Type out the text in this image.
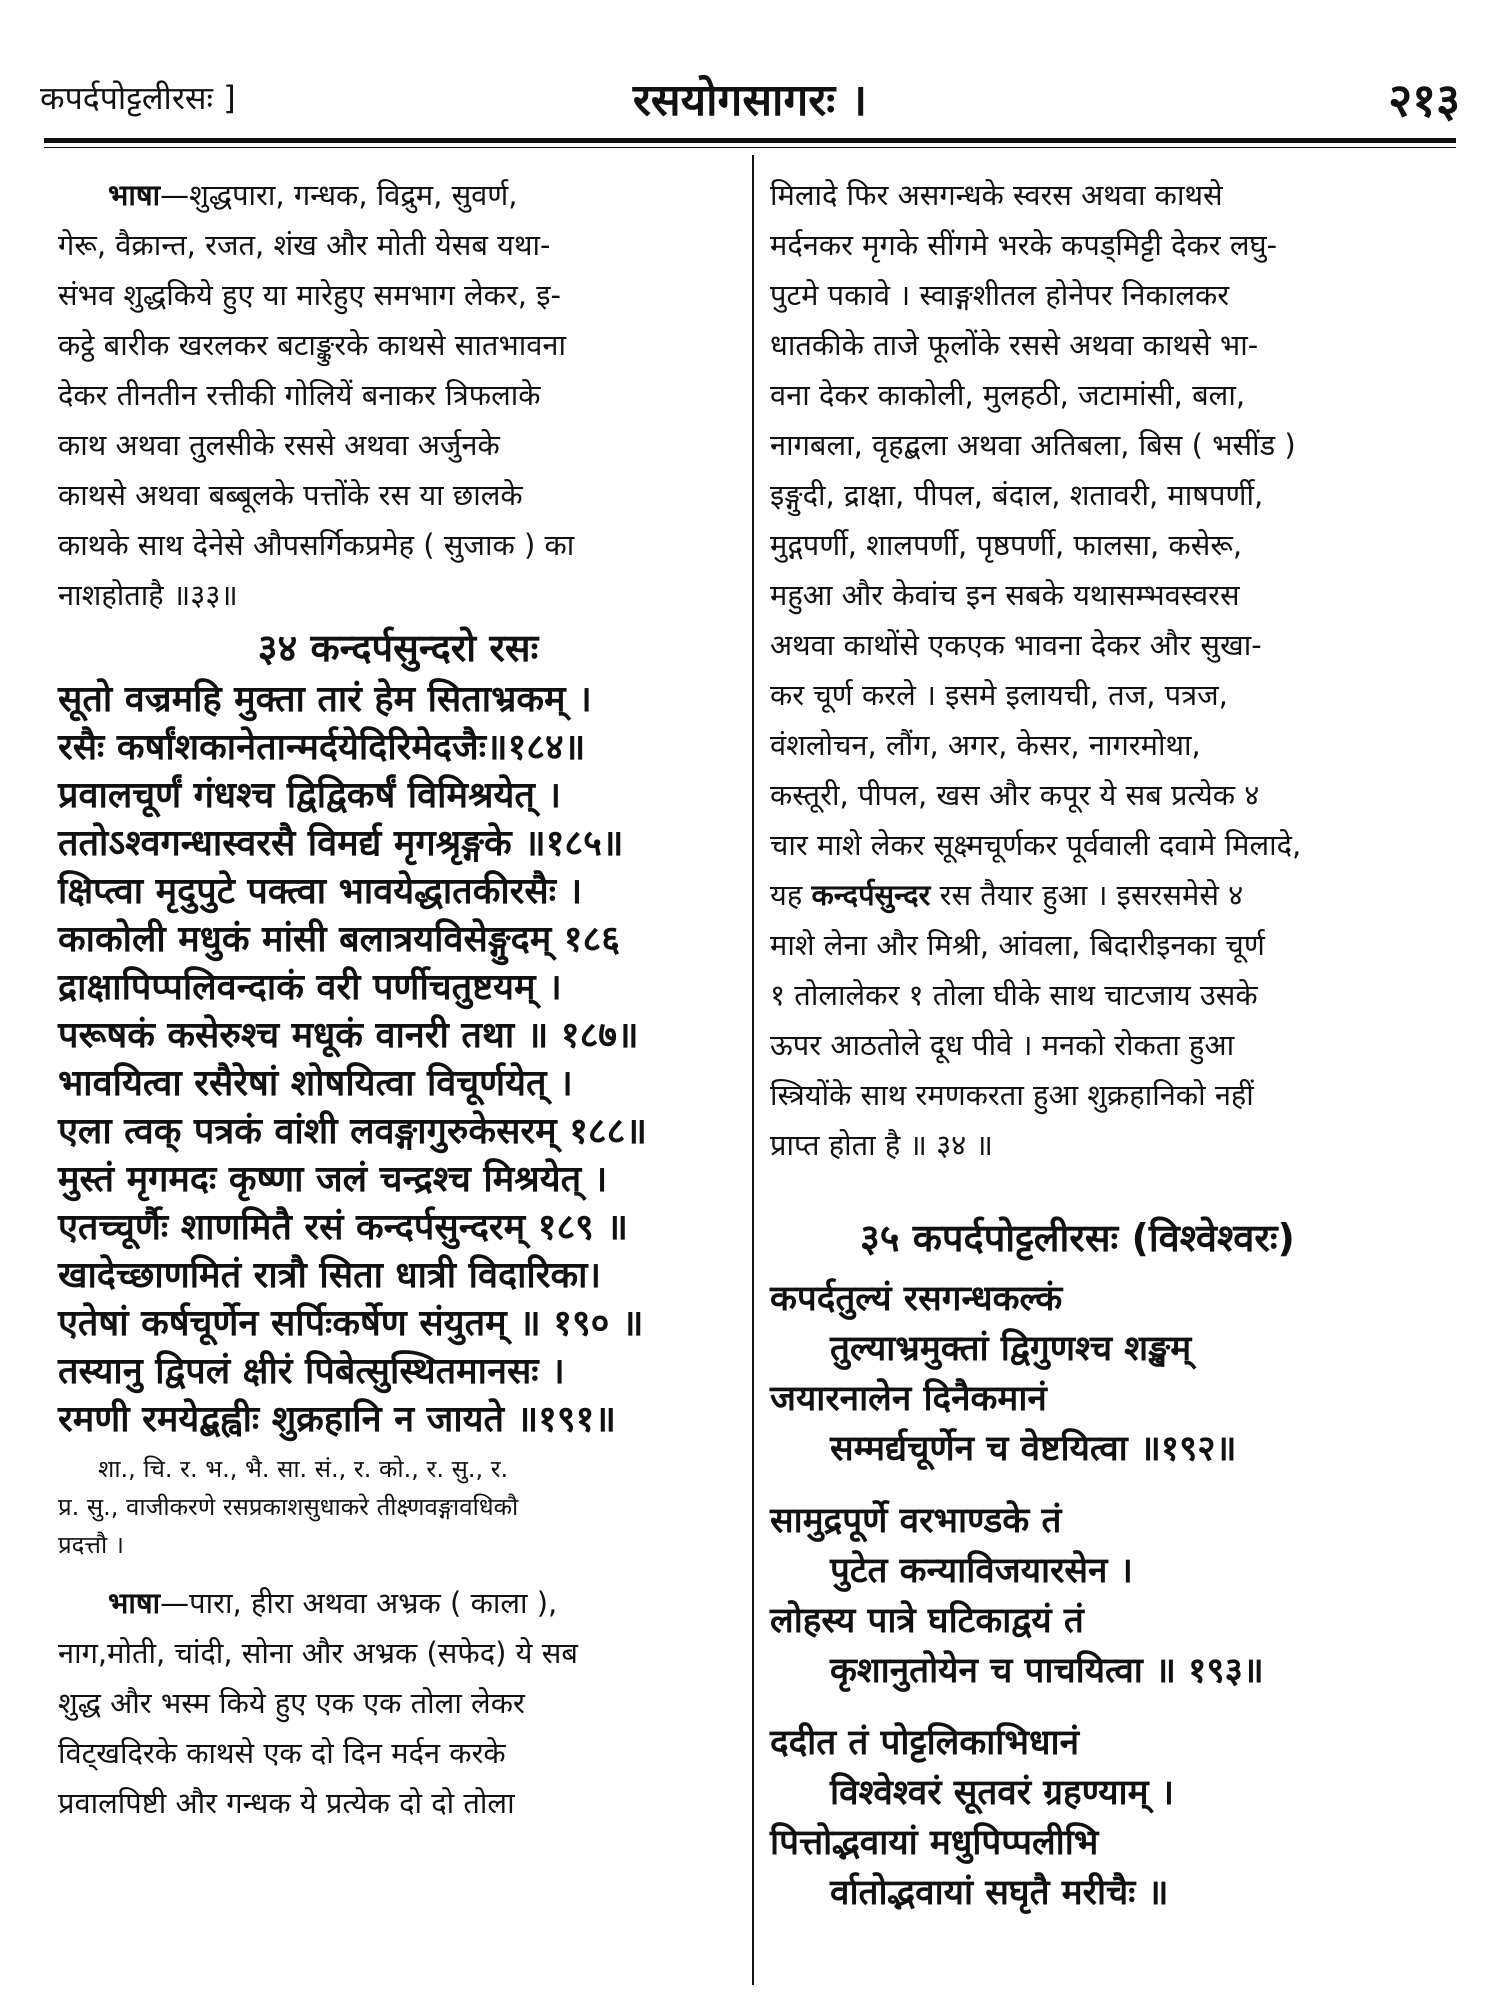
कपर्दपोट्टलीरसः ]	रसयोगसागरः ।	२१३

भाषा—शुद्धपारा, गन्धक, विद्रुम, सुवर्ण,

गेरू, वैक्रान्त, रजत, शंख और मोती येसब यथा-

संभव शुद्धकिये हुए या मारेहुए समभाग लेकर, इ-

कट्ठे बारीक खरलकर बटाङ्कुरके काथसे सातभावना

देकर तीनतीन रत्तीकी गोलियें बनाकर त्रिफलाके

काथ अथवा तुलसीके रससे अथवा अर्जुनके

काथसे अथवा बब्बूलके पत्तोंके रस या छालके

काथके साथ देनेसे औपसर्गिकप्रमेह ( सुजाक ) का

नाशहोताहै ॥३३॥

३४ कन्दर्पसुन्दरो रसः

सूतो वज्रमहि मुक्ता तारं हेम सिताभ्रकम् ।

रसैः कर्षांशकानेतान्मर्दयेदिरिमेदजैः॥१८४॥

प्रवालचूर्णं गंधश्च द्विद्विकर्षं विमिश्रयेत् ।

ततोऽश्वगन्धास्वरसै विमर्द्य मृगश्रृङ्गके ॥१८५॥

क्षिप्त्वा मृदुपुटे पक्त्वा भावयेद्धातकीरसैः ।

काकोली मधुकं मांसी बलात्रयविसेङ्गुदम् १८६

द्राक्षापिप्पलिवन्दाकं वरी पर्णीचतुष्टयम् ।

परूषकं कसेरुश्च मधूकं वानरी तथा ॥ १८७॥

भावयित्वा रसैरेषां शोषयित्वा विचूर्णयेत् ।

एला त्वक् पत्रकं वांशी लवङ्गागुरुकेसरम् १८८॥

मुस्तं मृगमदः कृष्णा जलं चन्द्रश्च मिश्रयेत् ।

एतच्चूर्णैः शाणमितै रसं कन्दर्पसुन्दरम् १८९ ॥

खादेच्छाणमितं रात्रौ सिता धात्री विदारिका।

एतेषां कर्षचूर्णेन सर्पिःकर्षेण संयुतम् ॥ १९० ॥

तस्यानु द्विपलं क्षीरं पिबेत्सुस्थितमानसः ।

रमणी रमयेद्बह्वीः शुक्रहानि न जायते ॥१९१॥

शा., चि. र. भ., भै. सा. सं., र. को., र. सु., र.

प्र. सु., वाजीकरणे रसप्रकाशसुधाकरे तीक्ष्णवङ्गावधिकौ

प्रदत्तौ ।

भाषा—पारा, हीरा अथवा अभ्रक ( काला ),

नाग,मोती, चांदी, सोना और अभ्रक (सफेद) ये सब

शुद्ध और भस्म किये हुए एक एक तोला लेकर

विट्खदिरके काथसे एक दो दिन मर्दन करके

प्रवालपिष्टी और गन्धक ये प्रत्येक दो दो तोला

मिलादे फिर असगन्धके स्वरस अथवा काथसे

मर्दनकर मृगके सींगमे भरके कपड्मिट्टी देकर लघु-

पुटमे पकावे । स्वाङ्गशीतल होनेपर निकालकर

धातकीके ताजे फूलोंके रससे अथवा काथसे भा-

वना देकर काकोली, मुलहठी, जटामांसी, बला,

नागबला, वृहद्बला अथवा अतिबला, बिस ( भसींड )

इङ्गुदी, द्राक्षा, पीपल, बंदाल, शतावरी, माषपर्णी,

मुद्गपर्णी, शालपर्णी, पृष्ठपर्णी, फालसा, कसेरू,

महुआ और केवांच इन सबके यथासम्भवस्वरस

अथवा काथोंसे एकएक भावना देकर और सुखा-

कर चूर्ण करले । इसमे इलायची, तज, पत्रज,

वंशलोचन, लौंग, अगर, केसर, नागरमोथा,

कस्तूरी, पीपल, खस और कपूर ये सब प्रत्येक ४

चार माशे लेकर सूक्ष्मचूर्णकर पूर्ववाली दवामे मिलादे,

यह कन्दर्पसुन्दर रस तैयार हुआ । इसरसमेसे ४

माशे लेना और मिश्री, आंवला, बिदारीइनका चूर्ण

१ तोलालेकर १ तोला घीके साथ चाटजाय उसके

ऊपर आठतोले दूध पीवे । मनको रोकता हुआ

स्त्रियोंके साथ रमणकरता हुआ शुक्रहानिको नहीं

प्राप्त होता है ॥ ३४ ॥

३५ कपर्दपोट्टलीरसः (विश्वेश्वरः)

कपर्दतुल्यं रसगन्धकल्कं

तुल्याभ्रमुक्तां द्विगुणश्च शङ्खम्

जयारनालेन दिनैकमानं

सम्मर्द्यचूर्णेन च वेष्टयित्वा ॥१९२॥

सामुद्रपूर्णे वरभाण्डके तं

पुटेत कन्याविजयारसेन ।

लोहस्य पात्रे घटिकाद्वयं तं

कृशानुतोयेन च पाचयित्वा ॥ १९३॥

ददीत तं पोट्टलिकाभिधानं

विश्वेश्वरं सूतवरं ग्रहण्याम् ।

पित्तोद्भवायां मधुपिप्पलीभि

र्वातोद्भवायां सघृतै मरीचैः ॥
